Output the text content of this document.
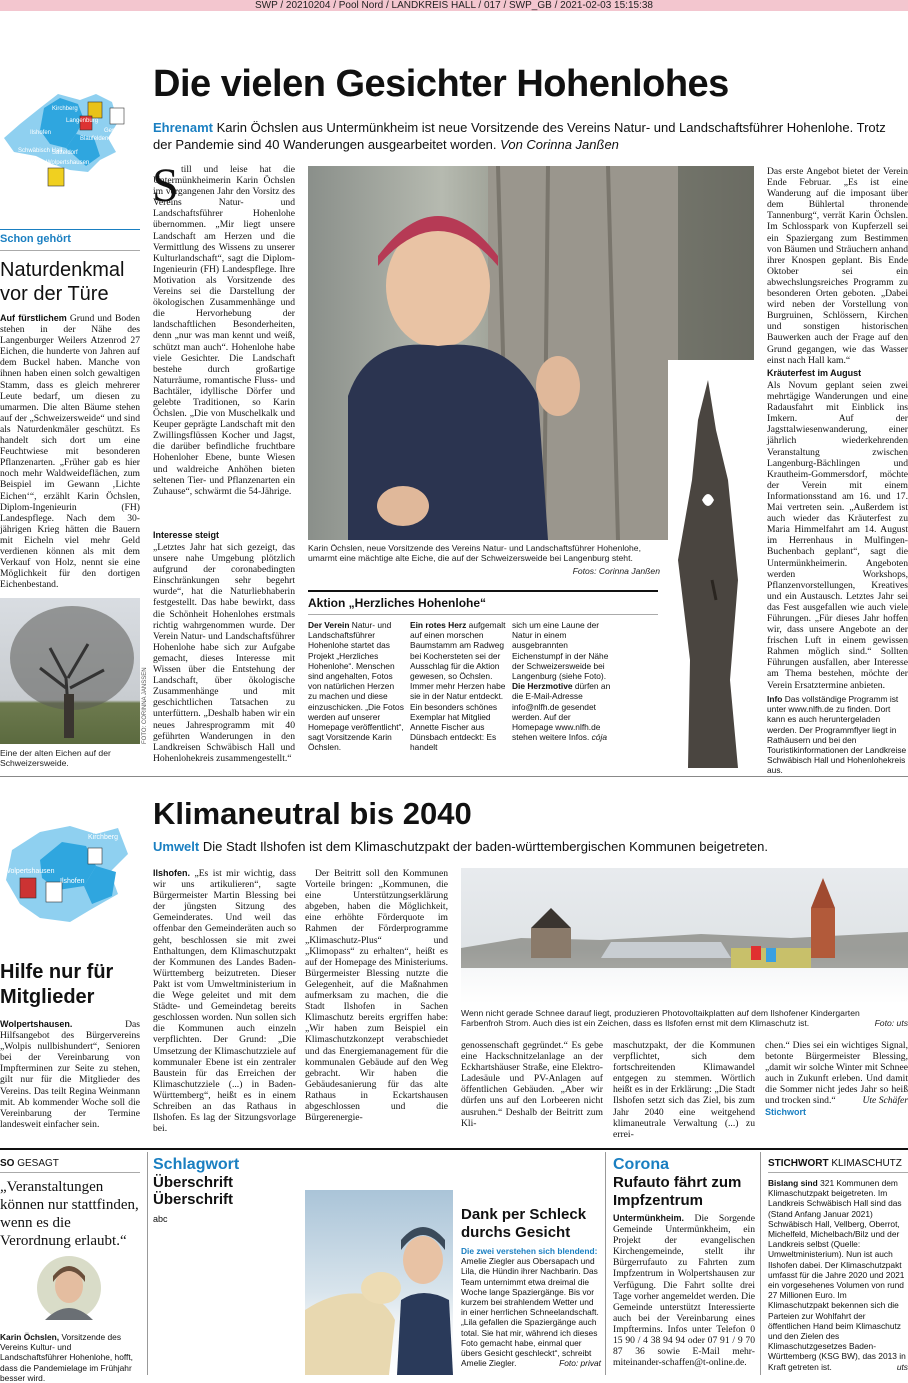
SWP / 20210204 / Pool Nord / LANDKREIS HALL / 017 / SWP_GB / 2021-02-03 15:15:38
Kirchberg
Langenburg
Gerabronn
Blaufelden
Ilshofen
Schwäbisch Hall
Crailsheim
Satteldorf
Wolpertshausen
Schon gehört
Naturdenkmal vor der Türe
Auf fürstlichem Grund und Boden stehen in der Nähe des Langenburger Weilers Atzenrod 27 Eichen, die hunderte von Jahren auf dem Buckel haben. Manche von ihnen haben einen solch gewaltigen Stamm, dass es gleich mehrerer Leute bedarf, um diesen zu umarmen. Die alten Bäume stehen auf der „Schweizersweide“ und sind als Naturdenkmäler geschützt. Es handelt sich dort um eine Feuchtwiese mit besonderen Pflanzenarten. „Früher gab es hier noch mehr Waldweideflächen, zum Beispiel im Gewann ‚Lichte Eichen‘“, erzählt Karin Öchslen, Diplom-Ingenieurin (FH) Landespflege. Nach dem 30-jährigen Krieg hätten die Bauern mit Eicheln viel mehr Geld verdienen können als mit dem Verkauf von Holz, nennt sie eine Möglichkeit für den dortigen Eichenbestand.
FOTO: CORINNA JANSSEN
Eine der alten Eichen auf der Schweizersweide.
Die vielen Gesichter Hohenlohes
Ehrenamt Karin Öchslen aus Untermünkheim ist neue Vorsitzende des Vereins Natur- und Landschaftsführer Hohenlohe. Trotz der Pandemie sind 40 Wanderungen ausgearbeitet worden. Von Corinna Janßen
S till und leise hat die Untermünkheimerin Karin Öchslen im vergangenen Jahr den Vorsitz des Vereins Natur- und Landschaftsführer Hohenlohe übernommen. „Mir liegt unsere Landschaft am Herzen und die Vermittlung des Wissens zu unserer Kulturlandschaft“, sagt die Diplom-Ingenieurin (FH) Landespflege. Ihre Motivation als Vorsitzende des Vereins sei die Darstellung der ökologischen Zusammenhänge und die Hervorhebung der landschaftlichen Besonderheiten, denn „nur was man kennt und weiß, schützt man auch“. Hohenlohe habe viele Gesichter. Die Landschaft bestehe durch großartige Naturräume, romantische Fluss- und Bachtäler, idyllische Dörfer und gelebte Traditionen, so Karin Öchslen. „Die von Muschelkalk und Keuper geprägte Landschaft mit den Zwillingsflüssen Kocher und Jagst, die darüber befindliche fruchtbare Hohenloher Ebene, bunte Wiesen und waldreiche Anhöhen bieten seltenen Tier- und Pflanzenarten ein Zuhause“, schwärmt die 54-Jährige.
Interesse steigt
„Letztes Jahr hat sich gezeigt, das unsere nahe Umgebung plötzlich aufgrund der coronabedingten Einschränkungen sehr begehrt wurde“, hat die Naturliebhaberin festgestellt. Das habe bewirkt, dass die Schönheit Hohenlohes erstmals richtig wahrgenommen wurde. Der Verein Natur- und Landschaftsführer Hohenlohe habe sich zur Aufgabe gemacht, dieses Interesse mit Wissen über die Entstehung der Landschaft, über ökologische Zusammenhänge und mit geschichtlichen Tatsachen zu unterfüttern. „Deshalb haben wir ein neues Jahresprogramm mit 40 geführten Wanderungen in den Landkreisen Schwäbisch Hall und Hohenlohekreis zusammengestellt.“
Karin Öchslen, neue Vorsitzende des Vereins Natur- und Landschaftsführer Hohenlohe, umarmt eine mächtige alte Eiche, die auf der Schweizersweide bei Langenburg steht.
Fotos: Corinna Janßen
Aktion „Herzliches Hohenlohe“
Der Verein Natur- und Landschaftsführer Hohenlohe startet das Projekt „Herzliches Hohenlohe“. Menschen sind angehalten, Fotos von natürlichen Herzen zu machen und diese einzuschicken. „Die Fotos werden auf unserer Homepage veröffentlicht“, sagt Vorsitzende Karin Öchslen.
Ein rotes Herz aufgemalt auf einen morschen Baumstamm am Radweg bei Kochersteten sei der Ausschlag für die Aktion gewesen, so Öchslen. Immer mehr Herzen habe sie in der Natur entdeckt. Ein besonders schönes Exemplar hat Mitglied Annette Fischer aus Dünsbach entdeckt: Es handelt
sich um eine Laune der Natur in einem ausgebrannten Eichenstumpf in der Nähe der Schweizersweide bei Langenburg (siehe Foto).
Die Herzmotive dürfen an die E-Mail-Adresse info@nlfh.de gesendet werden. Auf der Homepage www.nlfh.de stehen weitere Infos. cója
Das erste Angebot bietet der Verein Ende Februar. „Es ist eine Wanderung auf die imposant über dem Bühlertal thronende Tannenburg“, verrät Karin Öchslen. Im Schlosspark von Kupferzell sei ein Spaziergang zum Bestimmen von Bäumen und Sträuchern anhand ihrer Knospen geplant. Bis Ende Oktober sei ein abwechslungsreiches Programm zu besonderen Orten geboten. „Dabei wird neben der Vorstellung von Burgruinen, Schlössern, Kirchen und sonstigen historischen Bauwerken auch der Frage auf den Grund gegangen, wie das Wasser einst nach Hall kam.“
Kräuterfest im August
Als Novum geplant seien zwei mehrtägige Wanderungen und eine Radausfahrt mit Einblick ins Imkern. Auf der Jagsttalwiesenwanderung, einer jährlich wiederkehrenden Veranstaltung zwischen Langenburg-Bächlingen und Krautheim-Gommersdorf, möchte der Verein mit einem Informationsstand am 16. und 17. Mai vertreten sein. „Außerdem ist auch wieder das Kräuterfest zu Maria Himmelfahrt am 14. August im Herrenhaus in Mulfingen-Buchenbach geplant“, sagt die Untermünkheimerin. Angeboten werden Workshops, Pflanzenvorstellungen, Kreatives und ein Austausch. Letztes Jahr sei das Fest ausgefallen wie auch viele Führungen. „Für dieses Jahr hoffen wir, dass unsere Angebote an der frischen Luft in einem gewissen Rahmen möglich sind.“ Sollten Führungen ausfallen, aber Interesse am Thema bestehen, möchte der Verein Ersatztermine anbieten.
Info Das vollständige Programm ist unter www.nlfh.de zu finden. Dort kann es auch heruntergeladen werden. Der Programmflyer liegt in Rathäusern und bei den Touristikinformationen der Landkreise Schwäbisch Hall und Hohenlohekreis aus.
Kirchberg
Wolpertshausen
Ilshofen
Klimaneutral bis 2040
Umwelt Die Stadt Ilshofen ist dem Klimaschutzpakt der baden-württembergischen Kommunen beigetreten.
Ilshofen. „Es ist mir wichtig, dass wir uns artikulieren“, sagte Bürgermeister Martin Blessing bei der jüngsten Sitzung des Gemeinderates. Und weil das offenbar den Gemeinderäten auch so geht, beschlossen sie mit zwei Enthaltungen, dem Klimaschutzpakt der Kommunen des Landes Baden-Württemberg beizutreten. Dieser Pakt ist vom Umweltministerium in die Wege geleitet und mit dem Städte- und Gemeindetag bereits geschlossen worden. Nun sollen sich die Kommunen auch einzeln verpflichten. Der Grund: „Die Umsetzung der Klimaschutzziele auf kommunaler Ebene ist ein zentraler Baustein für das Erreichen der Klimaschutzziele (...) in Baden-Württemberg“, heißt es in einem Schreiben an das Rathaus in Ilshofen. Es lag der Sitzungsvorlage bei.
Der Beitritt soll den Kommunen Vorteile bringen: „Kommunen, die eine Unterstützungserklärung abgeben, haben die Möglichkeit, eine erhöhte Förderquote im Rahmen der Förderprogramme „Klimaschutz-Plus“ und „Klimopass“ zu erhalten“, heißt es auf der Homepage des Ministeriums. Bürgermeister Blessing nutzte die Gelegenheit, auf die Maßnahmen aufmerksam zu machen, die die Stadt Ilshofen in Sachen Klimaschutz bereits ergriffen habe: „Wir haben zum Beispiel ein Klimaschutzkonzept verabschiedet und das Energiemanagement für die kommunalen Gebäude auf den Weg gebracht. Wir haben die Gebäudesanierung für das alte Rathaus in Eckartshausen abgeschlossen und die Bürgerenergie-
Wenn nicht gerade Schnee darauf liegt, produzieren Photovoltaikplatten auf dem Ilshofener Kindergarten Farbenfroh Strom. Auch dies ist ein Zeichen, dass es Ilsfofen ernst mit dem Klimaschutz ist.	Foto: uts
genossenschaft gegründet.“ Es gebe eine Hackschnitzelanlage an der Eckhartshäuser Straße, eine Elektro-Ladesäule und PV-Anlagen auf öffentlichen Gebäuden. „Aber wir dürfen uns auf den Lorbeeren nicht ausruhen.“ Deshalb der Beitritt zum Kli-
maschutzpakt, der die Kommunen verpflichtet, sich dem fortschreitenden Klimawandel entgegen zu stemmen. Wörtlich heißt es in der Erklärung: „Die Stadt Ilshofen setzt sich das Ziel, bis zum Jahr 2040 eine weitgehend klimaneutrale Verwaltung (...) zu errei-
chen.“ Dies sei ein wichtiges Signal, betonte Bürgermeister Blessing, „damit wir solche Winter mit Schnee auch in Zukunft erleben. Und damit die Sommer nicht jedes Jahr so heiß und trocken sind.“	Ute Schäfer

Stichwort
Hilfe nur für Mitglieder
Wolpertshausen.	Das Hilfsangebot des Bürgervereins „Wolpis nullbishundert“, Senioren bei der Vereinbarung von Impfterminen zur Seite zu stehen, gilt nur für die Mitglieder des Vereins. Das teilt Regina Weinmann mit. Ab kommender Woche soll die Vereinbarung der Termine landesweit einfacher sein.
SO GESAGT
„Veranstaltungen können nur stattfinden, wenn es die Verordnung erlaubt.“
Karin Öchslen, Vorsitzende des Vereins Kultur- und Landschaftsführer Hohenlohe, hofft, dass die Pandemielage im Frühjahr besser wird.
Schlagwort
Überschrift Überschrift
abc	Dank per Schleck durchs Gesicht
Die zwei verstehen sich blendend: Amelie Ziegler aus Obersapach und Lila, die Hündin ihrer Nachbarin. Das Team unternimmt etwa dreimal die Woche lange Spaziergänge. Bis vor kurzem bei strahlendem Wetter und in einer herrlichen Schneelandschaft. „Lila gefallen die Spaziergänge auch total. Sie hat mir, während ich dieses Foto gemacht habe, einmal quer übers Gesicht geschleckt“, schreibt Amelie Ziegler.	Foto: privat
Corona
Rufauto fährt zum Impfzentrum
Untermünkheim. Die Sorgende Gemeinde Untermünkheim, ein Projekt der evangelischen Kirchengemeinde, stellt ihr Bürgerrufauto zu Fahrten zum Impfzentrum in Wolpertshausen zur Verfügung. Die Fahrt sollte drei Tage vorher angemeldet werden. Die Gemeinde unterstützt Interessierte auch bei der Vereinbarung eines Impftermins. Infos unter Telefon 0 15 90 / 4 38 94 94 oder 07 91 / 9 70 87 36 sowie E-Mail mehr-miteinander-schaffen@t-online.de.
STICHWORT KLIMASCHUTZ
Bislang sind 321 Kommunen dem Klimaschutzpakt beigetreten. Im Landkreis Schwäbisch Hall sind das (Stand Anfang Januar 2021) Schwäbisch Hall, Vellberg, Oberrot, Michelfeld, Michelbach/Bilz und der Landkreis selbst (Quelle: Umweltministerium). Nun ist auch Ilshofen dabei. Der Klimaschutzpakt umfasst für die Jahre 2020 und 2021 ein vorgesehenes Volumen von rund 27 Millionen Euro. Im Klimaschutzpakt bekennen sich die Parteien zur Wohlfahrt der öffentlichen Hand beim Klimaschutz und den Zielen des Klimaschutzgesetzes Baden-Württemberg (KSG BW), das 2013 in Kraft getreten ist.	uts
